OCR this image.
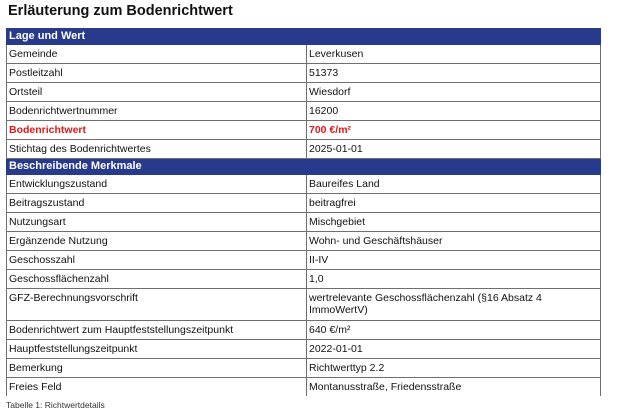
Erläuterung zum Bodenrichtwert
Lage und Wert	
Gemeinde	Leverkusen
Postleitzahl	51373
Ortsteil	Wiesdorf
Bodenrichtwertnummer	16200
Bodenrichtwert	700 €/m²
Stichtag des Bodenrichtwertes	2025-01-01
Beschreibende Merkmale	
Entwicklungszustand	Baureifes Land
Beitragszustand	beitragfrei
Nutzungsart	Mischgebiet
Ergänzende Nutzung	Wohn- und Geschäftshäuser
Geschosszahl	II-IV
Geschossflächenzahl	1,0
GFZ-Berechnungsvorschrift	wertrelevante Geschossflächenzahl (§16 Absatz 4 ImmoWertV)
Bodenrichtwert zum Hauptfeststellungszeitpunkt	640 €/m²
Hauptfeststellungszeitpunkt	2022-01-01
Bemerkung	Richtwerttyp 2.2
Freies Feld	Montanusstraße, Friedensstraße
Tabelle 1: Richtwertdetails
